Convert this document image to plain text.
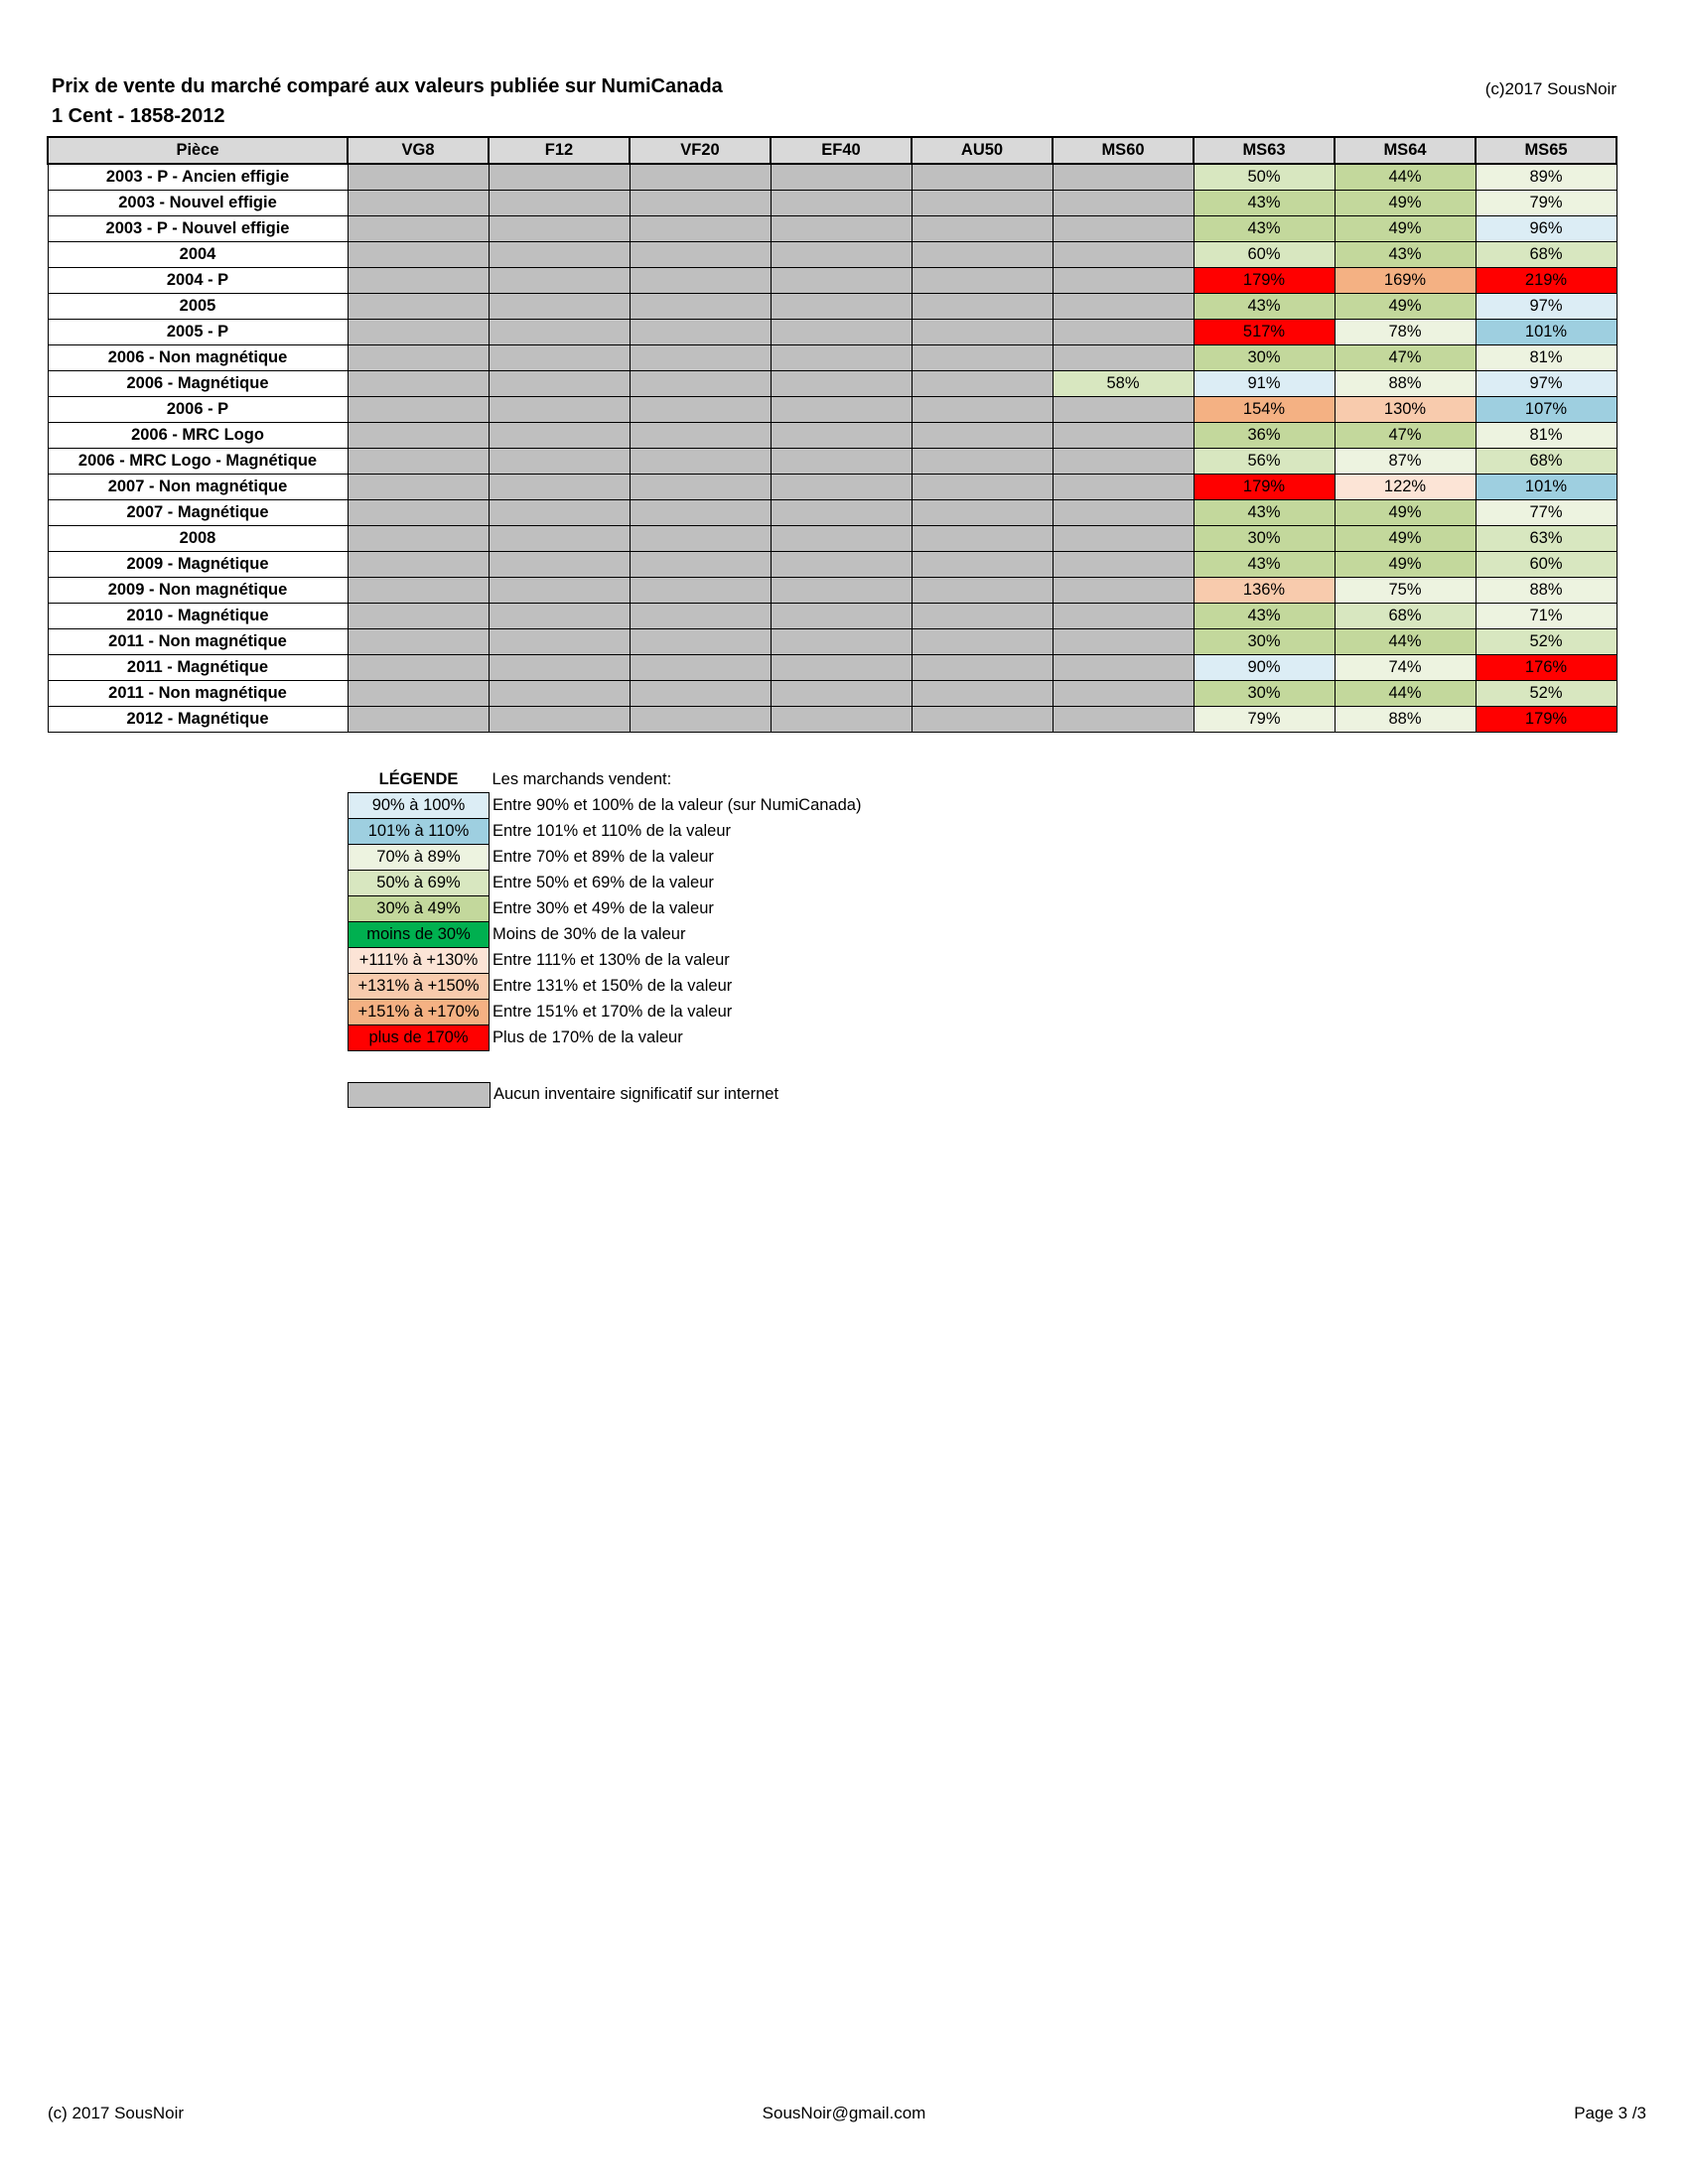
Prix de vente du marché comparé aux valeurs publiée sur NumiCanada
1 Cent - 1858-2012
(c)2017 SousNoir
Pièce	VG8	F12	VF20	EF40	AU50	MS60	MS63	MS64	MS65
2003 - P - Ancien effigie							50%	44%	89%
2003 - Nouvel effigie							43%	49%	79%
2003 - P - Nouvel effigie							43%	49%	96%
2004							60%	43%	68%
2004 - P							179%	169%	219%
2005							43%	49%	97%
2005 - P							517%	78%	101%
2006 - Non magnétique							30%	47%	81%
2006 - Magnétique						58%	91%	88%	97%
2006 - P							154%	130%	107%
2006 - MRC Logo							36%	47%	81%
2006 - MRC Logo - Magnétique							56%	87%	68%
2007 - Non magnétique							179%	122%	101%
2007 - Magnétique							43%	49%	77%
2008							30%	49%	63%
2009 - Magnétique							43%	49%	60%
2009 - Non magnétique							136%	75%	88%
2010 - Magnétique							43%	68%	71%
2011 - Non magnétique							30%	44%	52%
2011 - Magnétique							90%	74%	176%
2011 - Non magnétique							30%	44%	52%
2012 - Magnétique							79%	88%	179%
LÉGENDE	Les marchands vendent:
90% à 100%	Entre 90% et 100% de la valeur (sur NumiCanada)
101% à 110%	Entre 101% et 110% de la valeur
70% à 89%	Entre 70% et 89% de la valeur
50% à 69%	Entre 50% et 69% de la valeur
30% à 49%	Entre 30% et 49% de la valeur
moins de 30%	Moins de 30% de la valeur
+111% à +130%	Entre 111% et 130% de la valeur
+131% à +150%	Entre 131% et 150% de la valeur
+151% à +170%	Entre 151% et 170% de la valeur
plus de 170%	Plus de 170% de la valeur
Aucun inventaire significatif sur internet
(c) 2017 SousNoir	SousNoir@gmail.com	Page 3 /3
